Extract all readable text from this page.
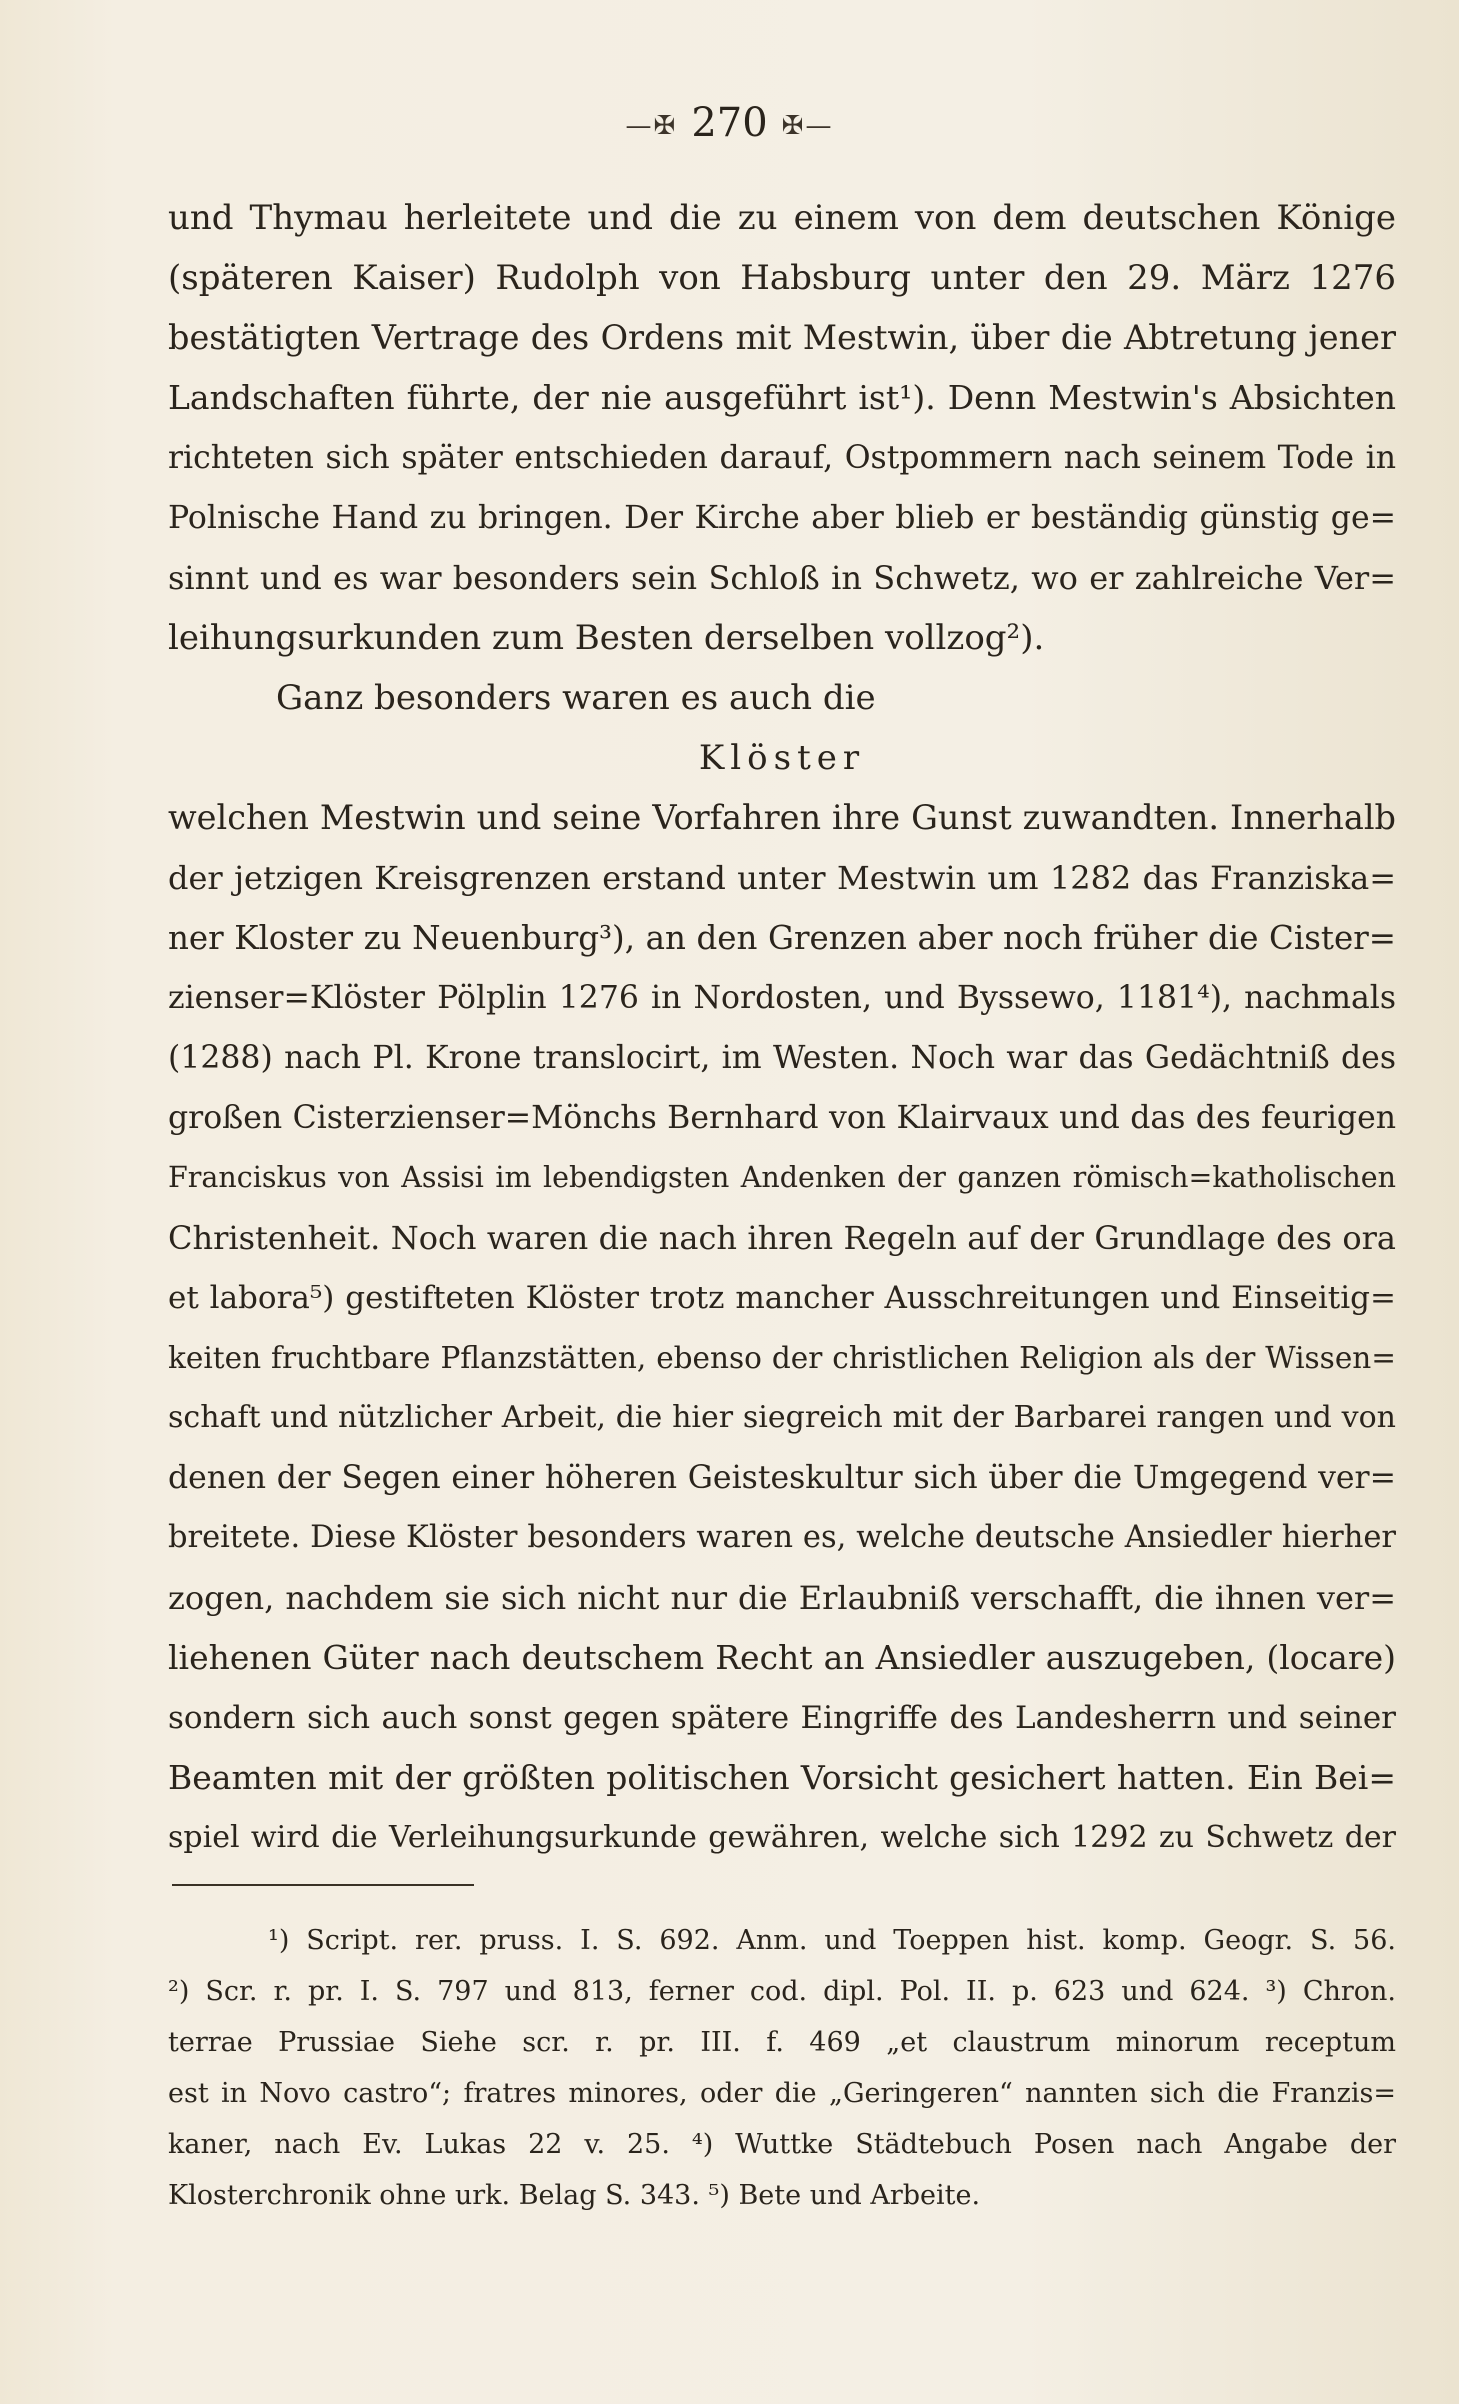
—✠ 270 ✠—
und Thymau herleitete und die zu einem von dem deutschen Könige
(späteren Kaiser) Rudolph von Habsburg unter den 29. März 1276
bestätigten Vertrage des Ordens mit Mestwin, über die Abtretung jener
Landschaften führte, der nie ausgeführt ist¹). Denn Mestwin's Absichten
richteten sich später entschieden darauf, Ostpommern nach seinem Tode in
Polnische Hand zu bringen. Der Kirche aber blieb er beständig günstig ge=
sinnt und es war besonders sein Schloß in Schwetz, wo er zahlreiche Ver=
leihungsurkunden zum Besten derselben vollzog²).
Ganz besonders waren es auch die
Klöster
welchen Mestwin und seine Vorfahren ihre Gunst zuwandten. Innerhalb
der jetzigen Kreisgrenzen erstand unter Mestwin um 1282 das Franziska=
ner Kloster zu Neuenburg³), an den Grenzen aber noch früher die Cister=
zienser=Klöster Pölplin 1276 in Nordosten, und Byssewo, 1181⁴), nachmals
(1288) nach Pl. Krone translocirt, im Westen. Noch war das Gedächtniß des
großen Cisterzienser=Mönchs Bernhard von Klairvaux und das des feurigen
Franciskus von Assisi im lebendigsten Andenken der ganzen römisch=katholischen
Christenheit. Noch waren die nach ihren Regeln auf der Grundlage des ora
et labora⁵) gestifteten Klöster trotz mancher Ausschreitungen und Einseitig=
keiten fruchtbare Pflanzstätten, ebenso der christlichen Religion als der Wissen=
schaft und nützlicher Arbeit, die hier siegreich mit der Barbarei rangen und von
denen der Segen einer höheren Geisteskultur sich über die Umgegend ver=
breitete. Diese Klöster besonders waren es, welche deutsche Ansiedler hierher
zogen, nachdem sie sich nicht nur die Erlaubniß verschafft, die ihnen ver=
liehenen Güter nach deutschem Recht an Ansiedler auszugeben, (locare)
sondern sich auch sonst gegen spätere Eingriffe des Landesherrn und seiner
Beamten mit der größten politischen Vorsicht gesichert hatten. Ein Bei=
spiel wird die Verleihungsurkunde gewähren, welche sich 1292 zu Schwetz der
¹) Script. rer. pruss. I. S. 692. Anm. und Toeppen hist. komp. Geogr. S. 56.
²) Scr. r. pr. I. S. 797 und 813, ferner cod. dipl. Pol. II. p. 623 und 624. ³) Chron.
terrae Prussiae Siehe scr. r. pr. III. f. 469 „et claustrum minorum receptum
est in Novo castro“; fratres minores, oder die „Geringeren“ nannten sich die Franzis=
kaner, nach Ev. Lukas 22 v. 25. ⁴) Wuttke Städtebuch Posen nach Angabe der
Klosterchronik ohne urk. Belag S. 343. ⁵) Bete und Arbeite.
